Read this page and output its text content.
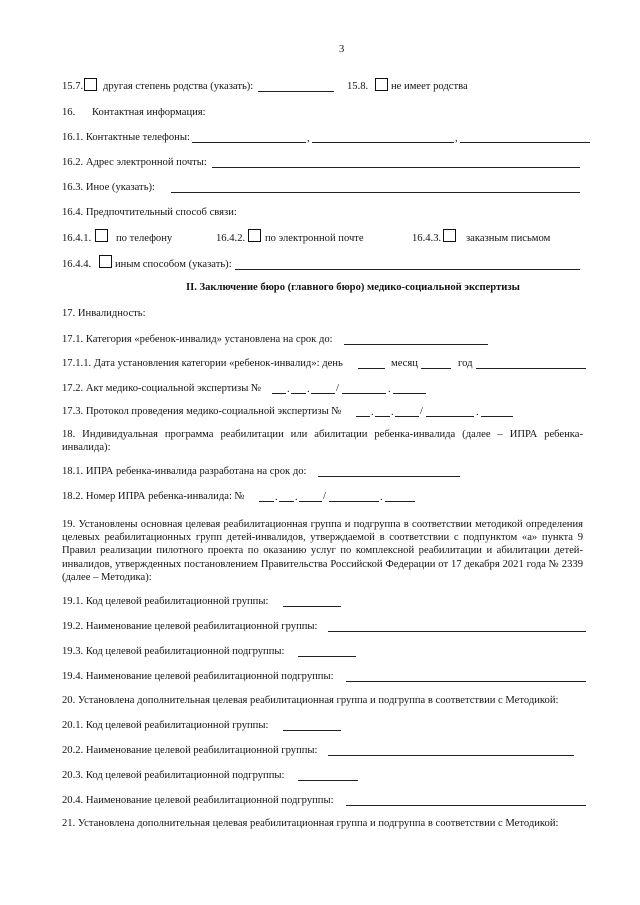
3
15.7. другая степень родства (указать):	15.8. не имеет родства
16. Контактная информация:
16.1. Контактные телефоны:	,	,
16.2. Адрес электронной почты:
16.3. Иное (указать):
16.4. Предпочтительный способ связи:
16.4.1. по телефону	16.4.2. по электронной почте	16.4.3. заказным письмом
16.4.4. иным способом (указать):
II. Заключение бюро (главного бюро) медико-социальной экспертизы
17. Инвалидность:
17.1. Категория «ребенок-инвалид» установлена на срок до:
17.1.1. Дата установления категории «ребенок-инвалид»: день	месяц	год
17.2. Акт медико-социальной экспертизы № . . /	.
17.3. Протокол проведения медико-социальной экспертизы №	. . /	.
18. Индивидуальная программа реабилитации или абилитации ребенка-инвалида (далее – ИПРА ребенка-инвалида):
18.1. ИПРА ребенка-инвалида разработана на срок до:
18.2. Номер ИПРА ребенка-инвалида: №	. . /	.
19. Установлены основная целевая реабилитационная группа и подгруппа в соответствии методикой определения целевых реабилитационных групп детей-инвалидов, утверждаемой в соответствии с подпунктом «а» пункта 9 Правил реализации пилотного проекта по оказанию услуг по комплексной реабилитации и абилитации детей-инвалидов, утвержденных постановлением Правительства Российской Федерации от 17 декабря 2021 года № 2339 (далее – Методика):
19.1. Код целевой реабилитационной группы:
19.2. Наименование целевой реабилитационной группы:
19.3. Код целевой реабилитационной подгруппы:
19.4. Наименование целевой реабилитационной подгруппы:
20. Установлена дополнительная целевая реабилитационная группа и подгруппа в соответствии с Методикой:
20.1. Код целевой реабилитационной группы:
20.2. Наименование целевой реабилитационной группы:
20.3. Код целевой реабилитационной подгруппы:
20.4. Наименование целевой реабилитационной подгруппы:
21. Установлена дополнительная целевая реабилитационная группа и подгруппа в соответствии с Методикой:
